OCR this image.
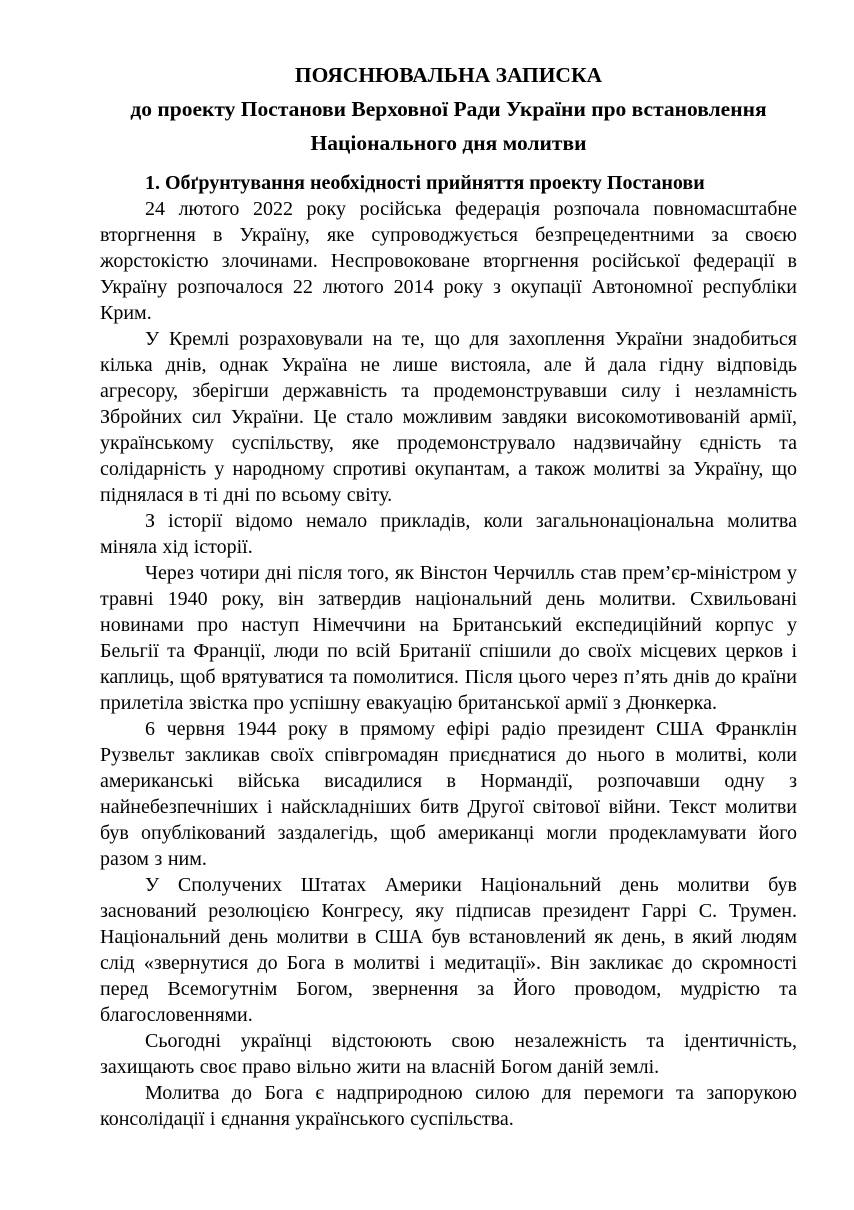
ПОЯСНЮВАЛЬНА ЗАПИСКА
до проекту Постанови Верховної Ради України про встановлення
Національного дня молитви
1. Обґрунтування необхідності прийняття проекту Постанови

24 лютого 2022 року російська федерація розпочала повномасштабне вторгнення в Україну, яке супроводжується безпрецедентними за своєю жорстокістю злочинами. Неспровоковане вторгнення російської федерації в Україну розпочалося 22 лютого 2014 року з окупації Автономної республіки Крим.

У Кремлі розраховували на те, що для захоплення України знадобиться кілька днів, однак Україна не лише вистояла, але й дала гідну відповідь агресору, зберігши державність та продемонструвавши силу і незламність Збройних сил України. Це стало можливим завдяки високомотивованій армії, українському суспільству, яке продемонструвало надзвичайну єдність та солідарність у народному спротиві окупантам, а також молитві за Україну, що піднялася в ті дні по всьому світу.

З історії відомо немало прикладів, коли загальнонаціональна молитва міняла хід історії.

Через чотири дні після того, як Вінстон Черчилль став прем’єр-міністром у травні 1940 року, він затвердив національний день молитви. Схвильовані новинами про наступ Німеччини на Британський експедиційний корпус у Бельгії та Франції, люди по всій Британії спішили до своїх місцевих церков і каплиць, щоб врятуватися та помолитися. Після цього через п’ять днів до країни прилетіла звістка про успішну евакуацію британської армії з Дюнкерка.

6 червня 1944 року в прямому ефірі радіо президент США Франклін Рузвельт закликав своїх співгромадян приєднатися до нього в молитві, коли американські війська висадилися в Нормандії, розпочавши одну з найнебезпечніших і найскладніших битв Другої світової війни. Текст молитви був опублікований заздалегідь, щоб американці могли продекламувати його разом з ним.

У Сполучених Штатах Америки Національний день молитви був заснований резолюцією Конгресу, яку підписав президент Гаррі С. Трумен. Національний день молитви в США був встановлений як день, в який людям слід «звернутися до Бога в молитві і медитації». Він закликає до скромності перед Всемогутнім Богом, звернення за Його проводом, мудрістю та благословеннями.

Сьогодні українці відстоюють свою незалежність та ідентичність, захищають своє право вільно жити на власній Богом даній землі.

Молитва до Бога є надприродною силою для перемоги та запорукою консолідації і єднання українського суспільства.
